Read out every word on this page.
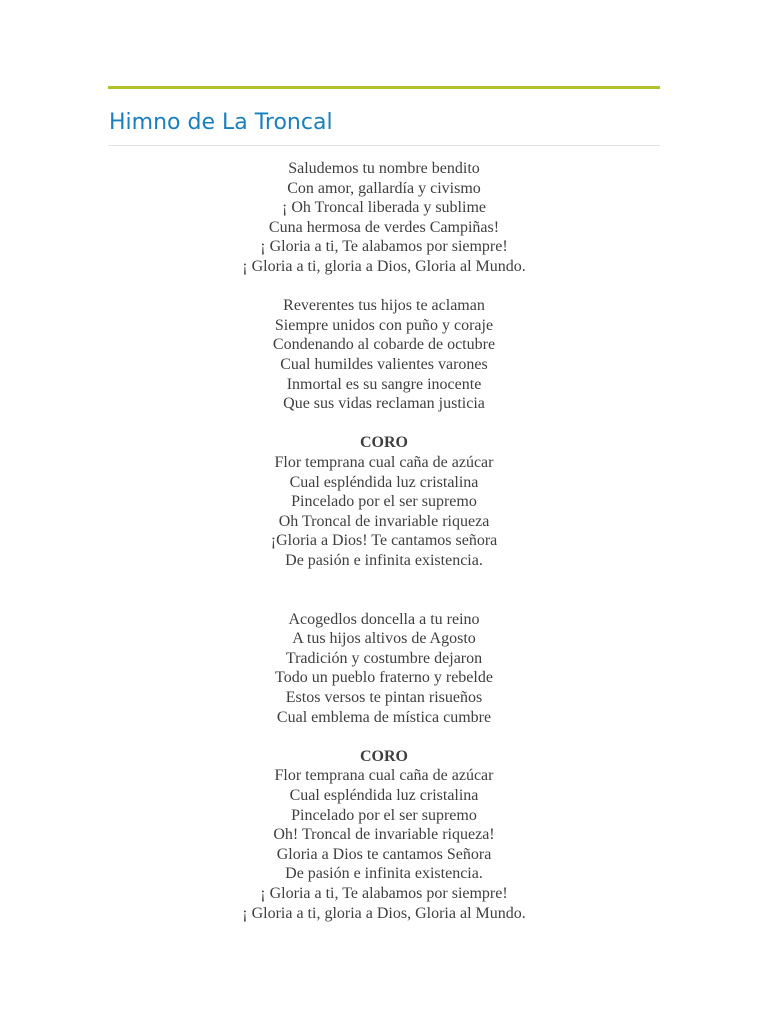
Himno de La Troncal
Saludemos tu nombre bendito
Con amor, gallardía y civismo
¡ Oh Troncal liberada y sublime
Cuna hermosa de verdes Campiñas!
¡ Gloria a ti, Te alabamos por siempre!
¡ Gloria a ti, gloria a Dios, Gloria al Mundo.
Reverentes tus hijos te aclaman
Siempre unidos con puño y coraje
Condenando al cobarde de octubre
Cual humildes valientes varones
Inmortal es su sangre inocente
Que sus vidas reclaman justicia
CORO
Flor temprana cual caña de azúcar
Cual espléndida luz cristalina
Pincelado por el ser supremo
Oh Troncal de invariable riqueza
¡Gloria a Dios! Te cantamos señora
De pasión e infinita existencia.
Acogedlos doncella a tu reino
A tus hijos altivos de Agosto
Tradición y costumbre dejaron
Todo un pueblo fraterno y rebelde
Estos versos te pintan risueños
Cual emblema de mística cumbre
CORO
Flor temprana cual caña de azúcar
Cual espléndida luz cristalina
Pincelado por el ser supremo
Oh! Troncal de invariable riqueza!
Gloria a Dios te cantamos Señora
De pasión e infinita existencia.
¡ Gloria a ti, Te alabamos por siempre!
¡ Gloria a ti, gloria a Dios, Gloria al Mundo.
